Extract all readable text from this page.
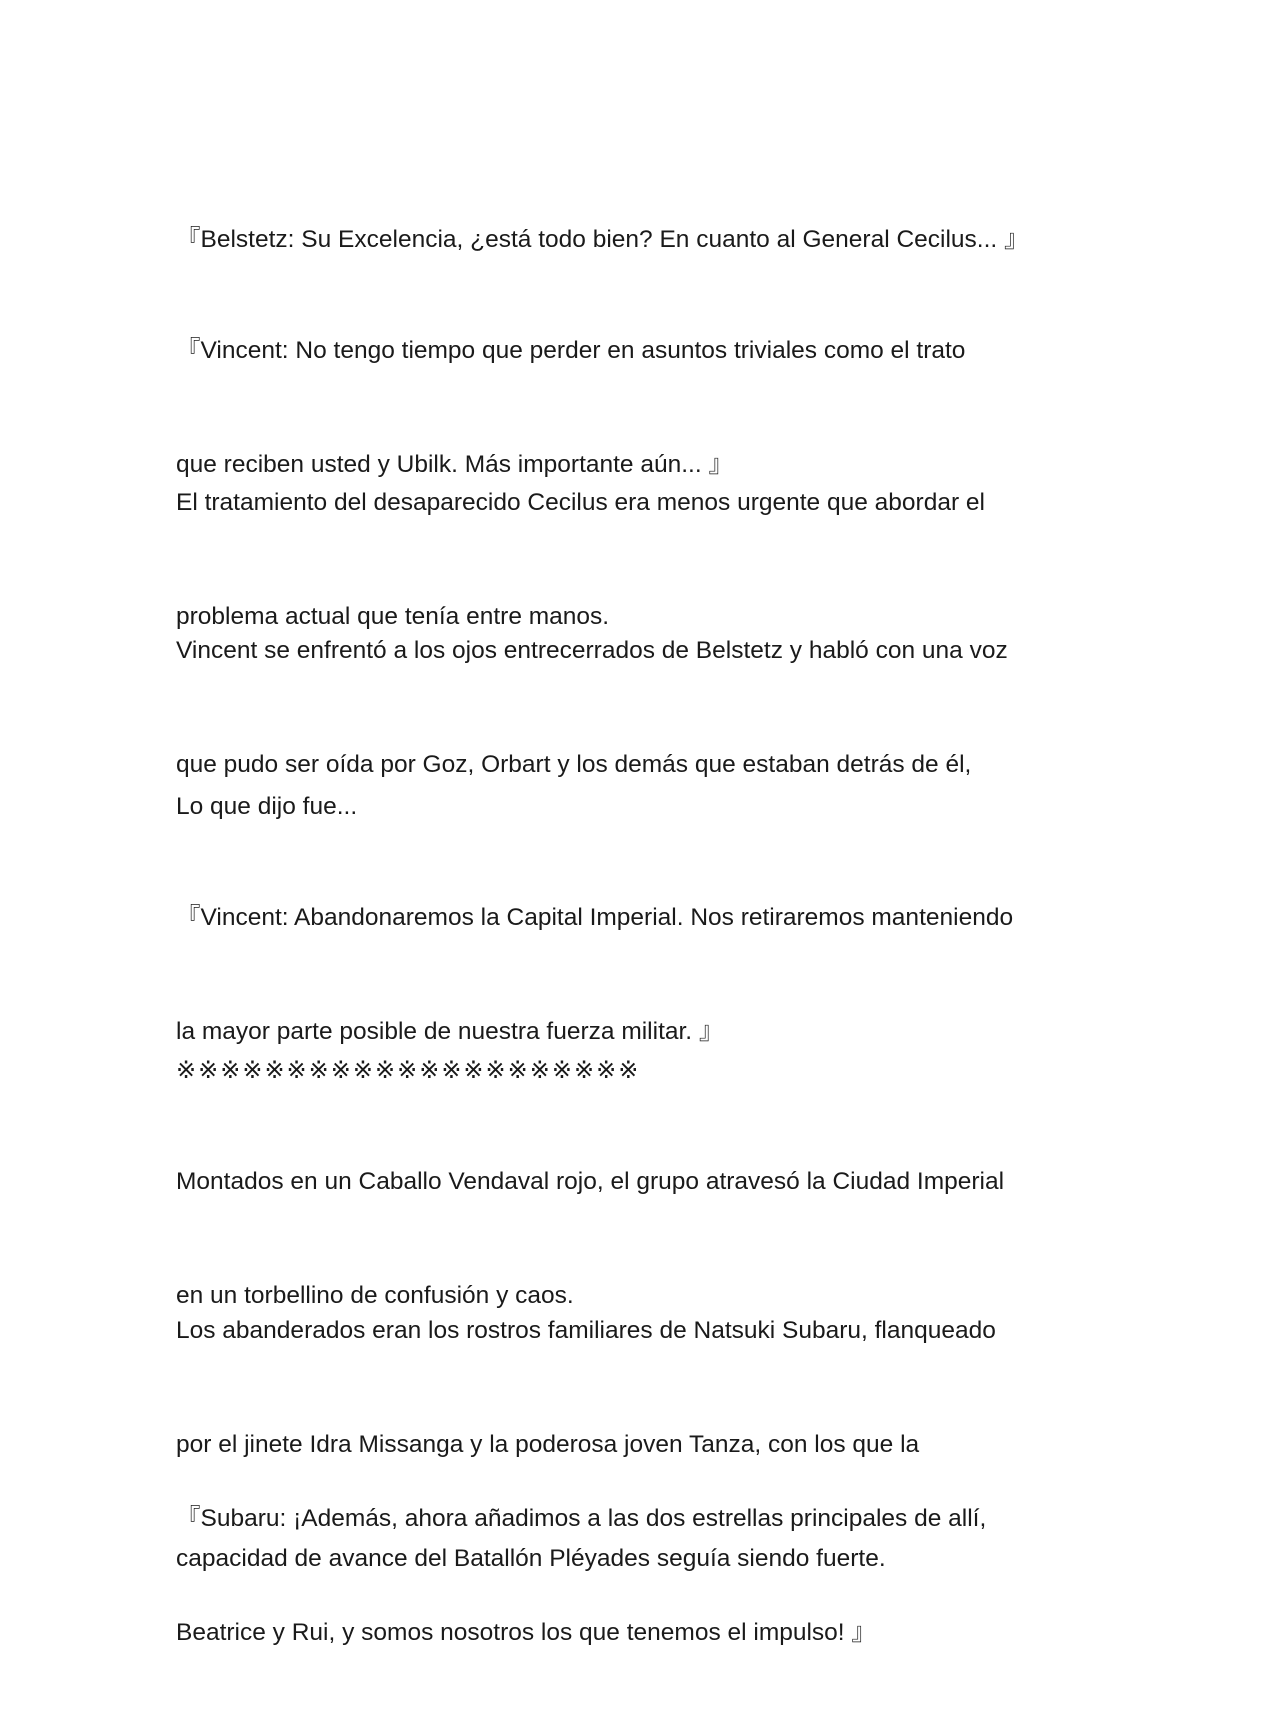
『Belstetz: Su Excelencia, ¿está todo bien? En cuanto al General Cecilus... 』

『Vincent: No tengo tiempo que perder en asuntos triviales como el trato

que reciben usted y Ubilk. Más importante aún... 』

El tratamiento del desaparecido Cecilus era menos urgente que abordar el

problema actual que tenía entre manos.

Vincent se enfrentó a los ojos entrecerrados de Belstetz y habló con una voz

que pudo ser oída por Goz, Orbart y los demás que estaban detrás de él,

Lo que dijo fue...

『Vincent: Abandonaremos la Capital Imperial. Nos retiraremos manteniendo

la mayor parte posible de nuestra fuerza militar. 』

※※※※※※※※※※※※※※※※※※※※※

Montados en un Caballo Vendaval rojo, el grupo atravesó la Ciudad Imperial

en un torbellino de confusión y caos.

Los abanderados eran los rostros familiares de Natsuki Subaru, flanqueado

por el jinete Idra Missanga y la poderosa joven Tanza, con los que la

capacidad de avance del Batallón Pléyades seguía siendo fuerte.

『Subaru: ¡Además, ahora añadimos a las dos estrellas principales de allí,

Beatrice y Rui, y somos nosotros los que tenemos el impulso! 』
